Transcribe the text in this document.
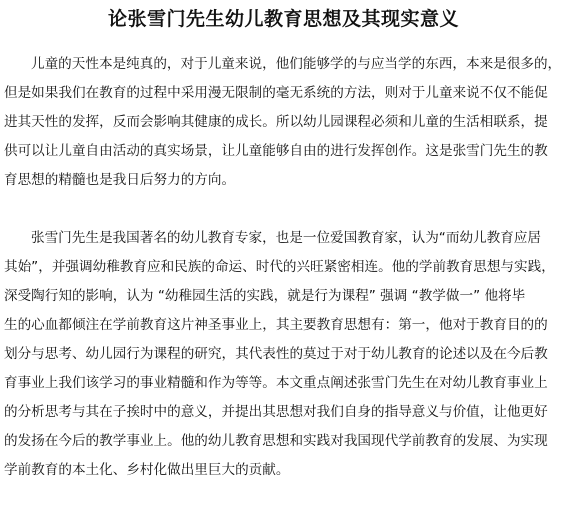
论张雪门先生幼儿教育思想及其现实意义
儿童的天性本是纯真的，对于儿童来说，他们能够学的与应当学的东西，本来是很多的，
但是如果我们在教育的过程中采用漫无限制的毫无系统的方法，则对于儿童来说不仅不能促
进其天性的发挥，反而会影响其健康的成长。所以幼儿园课程必须和儿童的生活相联系，提
供可以让儿童自由活动的真实场景，让儿童能够自由的进行发挥创作。这是张雪门先生的教
育思想的精髓也是我日后努力的方向。
张雪门先生是我国著名的幼儿教育专家，也是一位爱国教育家，认为“而幼儿教育应居
其始”，并强调幼稚教育应和民族的命运、时代的兴旺紧密相连。他的学前教育思想与实践，
深受陶行知的影响，认为 “幼稚园生活的实践，就是行为课程” 强调 “教学做一” 他将毕
生的心血都倾注在学前教育这片神圣事业上，其主要教育思想有：第一，他对于教育目的的
划分与思考、幼儿园行为课程的研究，其代表性的莫过于对于幼儿教育的论述以及在今后教
育事业上我们该学习的事业精髓和作为等等。本文重点阐述张雪门先生在对幼儿教育事业上
的分析思考与其在子挨时中的意义，并提出其思想对我们自身的指导意义与价值，让他更好
的发扬在今后的教学事业上。他的幼儿教育思想和实践对我国现代学前教育的发展、为实现
学前教育的本土化、乡村化做出里巨大的贡献。
